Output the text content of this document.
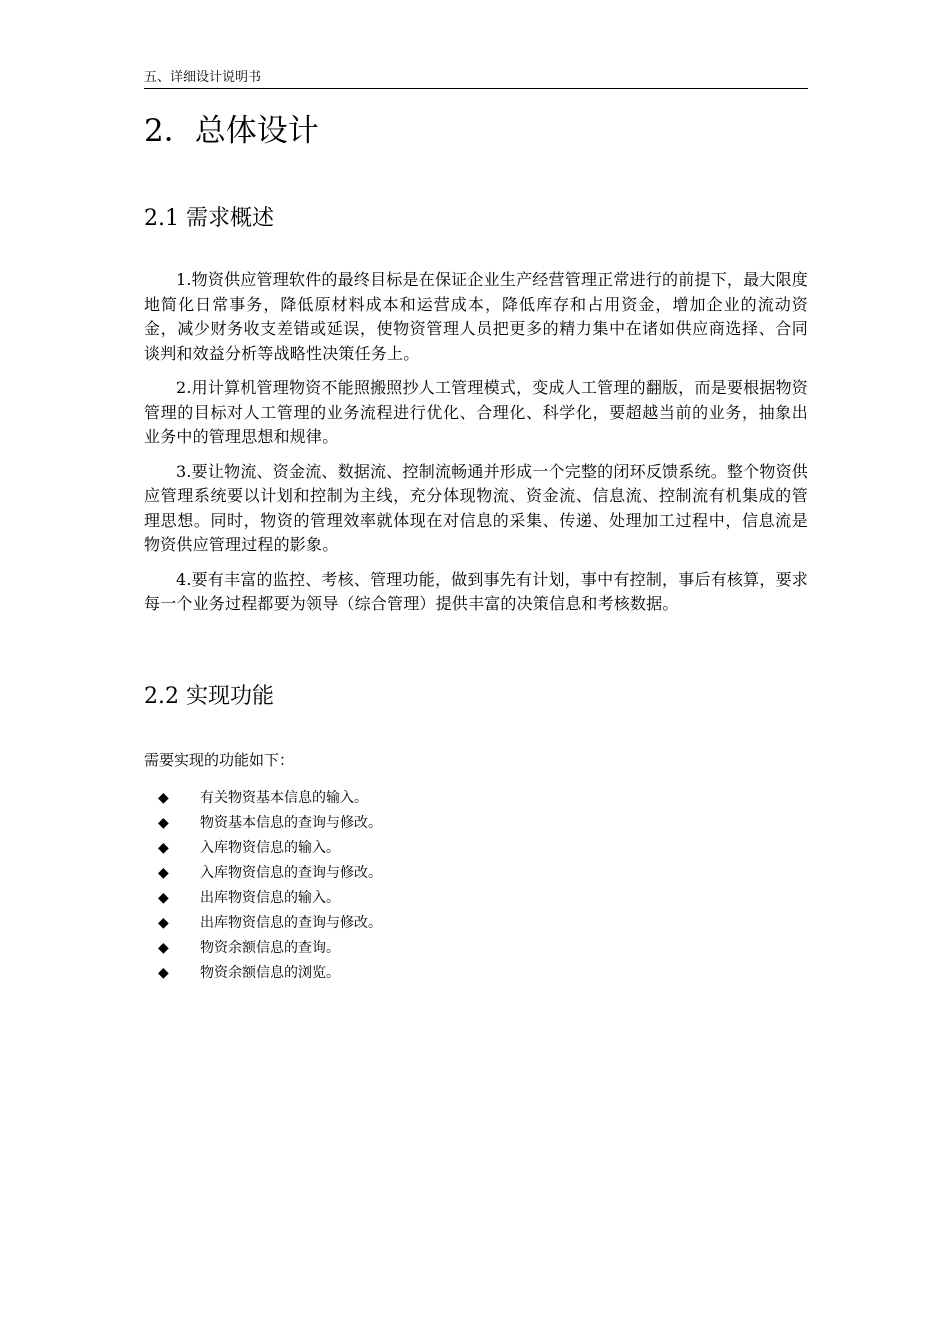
五、详细设计说明书
2．总体设计
2.1 需求概述

1.物资供应管理软件的最终目标是在保证企业生产经营管理正常进行的前提下，最大限度地简化日常事务，降低原材料成本和运营成本，降低库存和占用资金，增加企业的流动资金，减少财务收支差错或延误，使物资管理人员把更多的精力集中在诸如供应商选择、合同谈判和效益分析等战略性决策任务上。

2.用计算机管理物资不能照搬照抄人工管理模式，变成人工管理的翻版，而是要根据物资管理的目标对人工管理的业务流程进行优化、合理化、科学化，要超越当前的业务，抽象出业务中的管理思想和规律。

3.要让物流、资金流、数据流、控制流畅通并形成一个完整的闭环反馈系统。整个物资供应管理系统要以计划和控制为主线，充分体现物流、资金流、信息流、控制流有机集成的管理思想。同时，物资的管理效率就体现在对信息的采集、传递、处理加工过程中，信息流是物资供应管理过程的影象。

4.要有丰富的监控、考核、管理功能，做到事先有计划，事中有控制，事后有核算，要求每一个业务过程都要为领导（综合管理）提供丰富的决策信息和考核数据。

2.2 实现功能
需要实现的功能如下：
◆ 有关物资基本信息的输入。
◆ 物资基本信息的查询与修改。
◆ 入库物资信息的输入。
◆ 入库物资信息的查询与修改。
◆ 出库物资信息的输入。
◆ 出库物资信息的查询与修改。
◆ 物资余额信息的查询。
◆ 物资余额信息的浏览。
